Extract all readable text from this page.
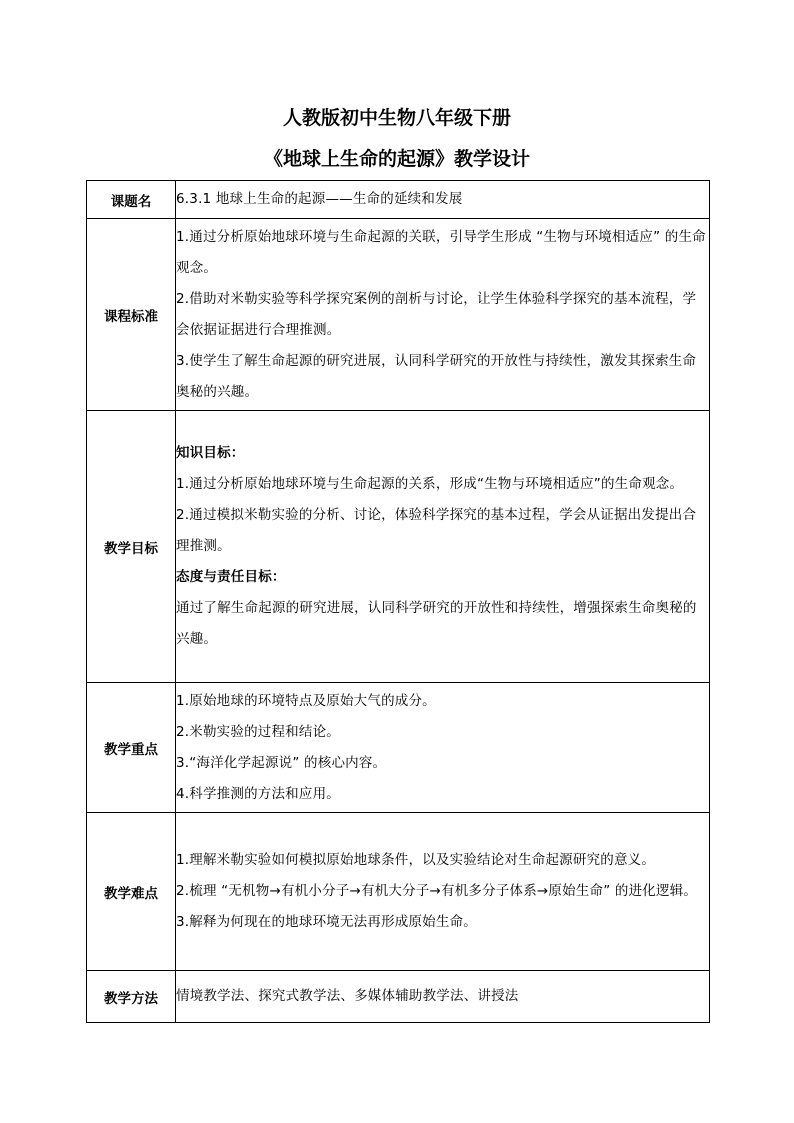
人教版初中生物八年级下册
《地球上生命的起源》教学设计
课题名	6.3.1 地球上生命的起源——生命的延续和发展
课程标准	1.通过分析原始地球环境与生命起源的关联，引导学生形成 “生物与环境相适应” 的生命观念。

2.借助对米勒实验等科学探究案例的剖析与讨论，让学生体验科学探究的基本流程，学会依据证据进行合理推测。

3.使学生了解生命起源的研究进展，认同科学研究的开放性与持续性，激发其探索生命奥秘的兴趣。

教学目标	知识目标：

1.通过分析原始地球环境与生命起源的关系，形成“生物与环境相适应”的生命观念。

2.通过模拟米勒实验的分析、讨论，体验科学探究的基本过程，学会从证据出发提出合理推测。

态度与责任目标：

通过了解生命起源的研究进展，认同科学研究的开放性和持续性，增强探索生命奥秘的兴趣。

教学重点	1.原始地球的环境特点及原始大气的成分。

2.米勒实验的过程和结论。

3.“海洋化学起源说” 的核心内容。

4.科学推测的方法和应用。

教学难点	1.理解米勒实验如何模拟原始地球条件，以及实验结论对生命起源研究的意义。

2.梳理 “无机物→有机小分子→有机大分子→有机多分子体系→原始生命” 的进化逻辑。

3.解释为何现在的地球环境无法再形成原始生命。

教学方法	情境教学法、探究式教学法、多媒体辅助教学法、讲授法
